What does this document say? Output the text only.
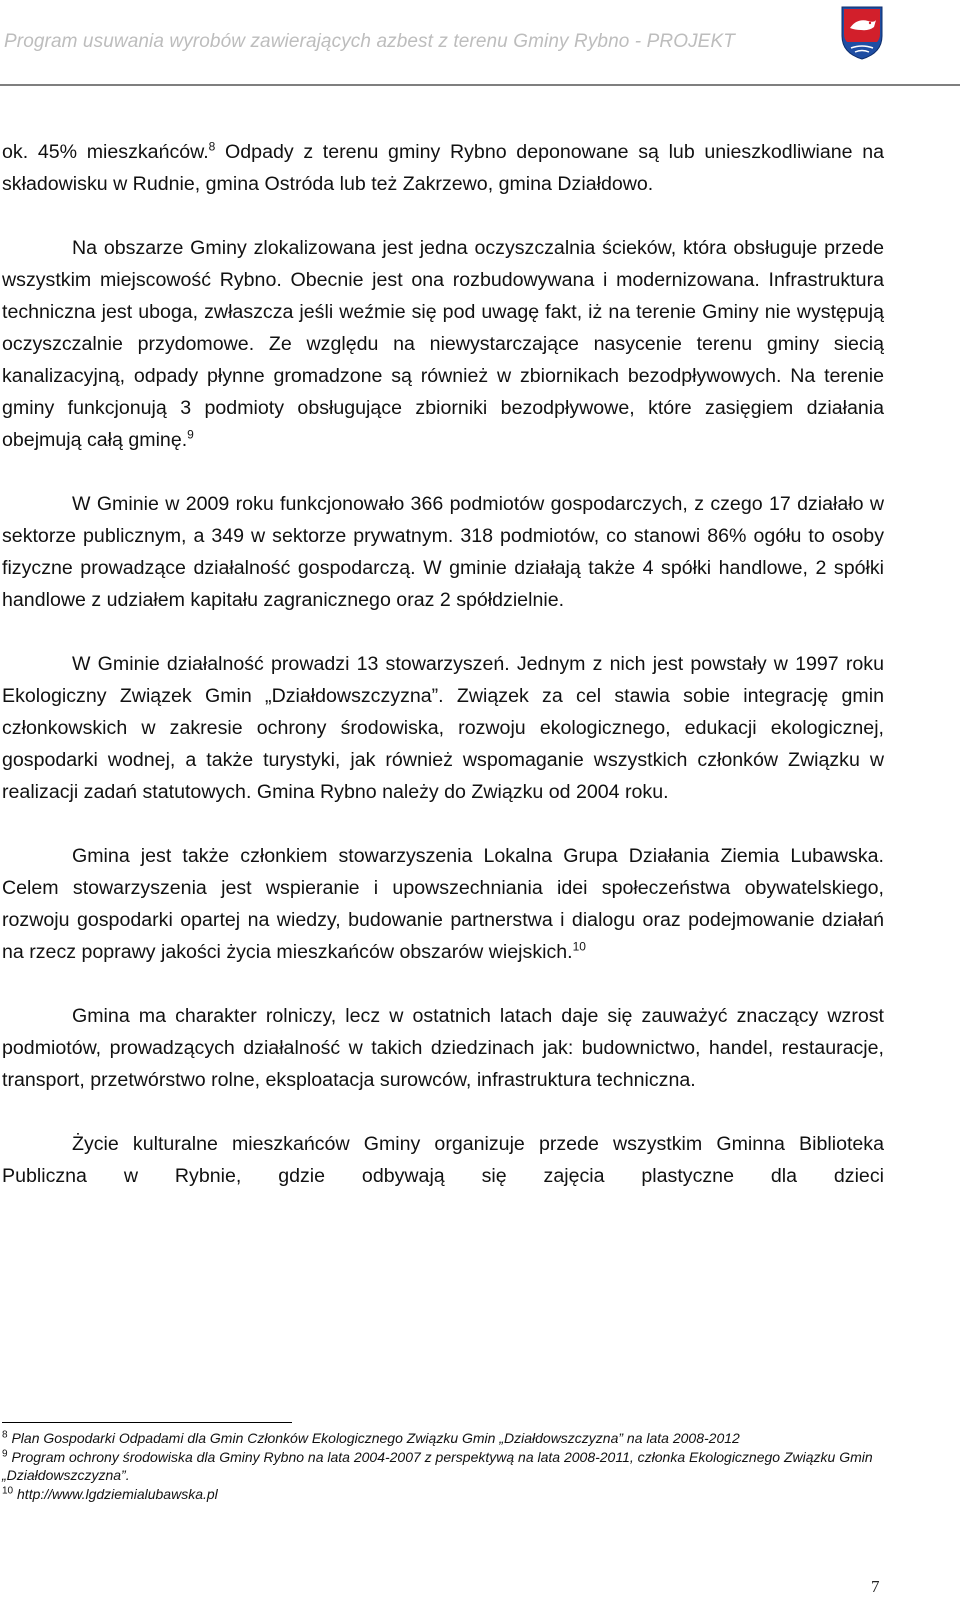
Program usuwania wyrobów zawierających azbest z terenu Gminy Rybno - PROJEKT

ok. 45% mieszkańców.$^8$ Odpady z terenu gminy Rybno deponowane są lub unieszkodliwiane na składowisku w Rudnie, gmina Ostróda lub też Zakrzewo, gmina Działdowo.

Na obszarze Gminy zlokalizowana jest jedna oczyszczalnia ścieków, która obsługuje przede wszystkim miejscowość Rybno. Obecnie jest ona rozbudowywana i modernizowana. Infrastruktura techniczna jest uboga, zwłaszcza jeśli weźmie się pod uwagę fakt, iż na terenie Gminy nie występują oczyszczalnie przydomowe. Ze względu na niewystarczające nasycenie terenu gminy siecią kanalizacyjną, odpady płynne gromadzone są również w zbiornikach bezodpływowych. Na terenie gminy funkcjonują 3 podmioty obsługujące zbiorniki bezodpływowe, które zasięgiem działania obejmują całą gminę.$^9$

W Gminie w 2009 roku funkcjonowało 366 podmiotów gospodarczych, z czego 17 działało w sektorze publicznym, a 349 w sektorze prywatnym. 318 podmiotów, co stanowi 86% ogółu to osoby fizyczne prowadzące działalność gospodarczą. W gminie działają także 4 spółki handlowe, 2 spółki handlowe z udziałem kapitału zagranicznego oraz 2 spółdzielnie.

W Gminie działalność prowadzi 13 stowarzyszeń. Jednym z nich jest powstały w 1997 roku Ekologiczny Związek Gmin „Działdowszczyzna”. Związek za cel stawia sobie integrację gmin członkowskich w zakresie ochrony środowiska, rozwoju ekologicznego, edukacji ekologicznej, gospodarki wodnej, a także turystyki, jak również wspomaganie wszystkich członków Związku w realizacji zadań statutowych. Gmina Rybno należy do Związku od 2004 roku.

Gmina jest także członkiem stowarzyszenia Lokalna Grupa Działania Ziemia Lubawska. Celem stowarzyszenia jest wspieranie i upowszechniania idei społeczeństwa obywatelskiego, rozwoju gospodarki opartej na wiedzy, budowanie partnerstwa i dialogu oraz podejmowanie działań na rzecz poprawy jakości życia mieszkańców obszarów wiejskich.$^{10}$

Gmina ma charakter rolniczy, lecz w ostatnich latach daje się zauważyć znaczący wzrost podmiotów, prowadzących działalność w takich dziedzinach jak: budownictwo, handel, restauracje, transport, przetwórstwo rolne, eksploatacja surowców, infrastruktura techniczna.

Życie kulturalne mieszkańców Gminy organizuje przede wszystkim Gminna Biblioteka Publiczna w Rybnie, gdzie odbywają się zajęcia plastyczne dla dzieci

$^8$ Plan Gospodarki Odpadami dla Gmin Członków Ekologicznego Związku Gmin „Działdowszczyzna” na lata 2008-2012

$^9$ Program ochrony środowiska dla Gminy Rybno na lata 2004-2007 z perspektywą na lata 2008-2011, członka Ekologicznego Związku Gmin „Działdowszczyzna”.

$^{10}$ http://www.lgdziemialubawska.pl

7
